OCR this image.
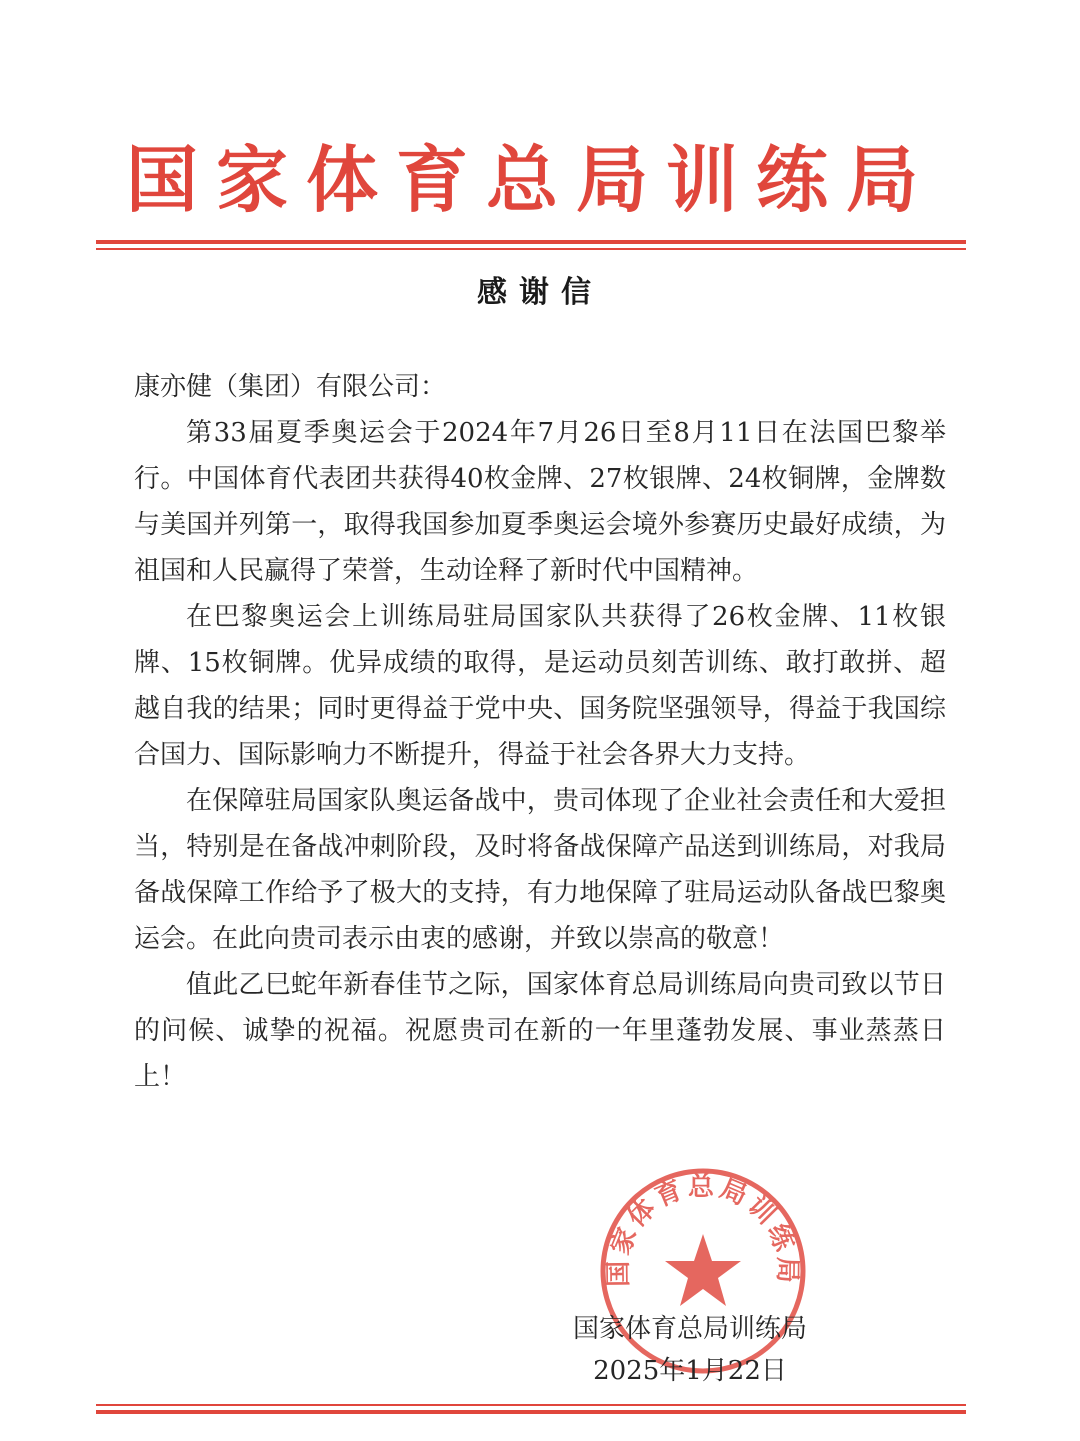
国家体育总局训练局
感谢信

康亦健（集团）有限公司：

第33届夏季奥运会于2024年7月26日至8月11日在法国巴黎举行。中国体育代表团共获得40枚金牌、27枚银牌、24枚铜牌，金牌数与美国并列第一，取得我国参加夏季奥运会境外参赛历史最好成绩，为祖国和人民赢得了荣誉，生动诠释了新时代中国精神。

在巴黎奥运会上训练局驻局国家队共获得了26枚金牌、11枚银牌、15枚铜牌。优异成绩的取得，是运动员刻苦训练、敢打敢拼、超越自我的结果；同时更得益于党中央、国务院坚强领导，得益于我国综合国力、国际影响力不断提升，得益于社会各界大力支持。

在保障驻局国家队奥运备战中，贵司体现了企业社会责任和大爱担当，特别是在备战冲刺阶段，及时将备战保障产品送到训练局，对我局备战保障工作给予了极大的支持，有力地保障了驻局运动队备战巴黎奥运会。在此向贵司表示由衷的感谢，并致以崇高的敬意！

值此乙巳蛇年新春佳节之际，国家体育总局训练局向贵司致以节日的问候、诚挚的祝福。祝愿贵司在新的一年里蓬勃发展、事业蒸蒸日上！

国家体育总局训练局
国家体育总局训练局
2025年1月22日
